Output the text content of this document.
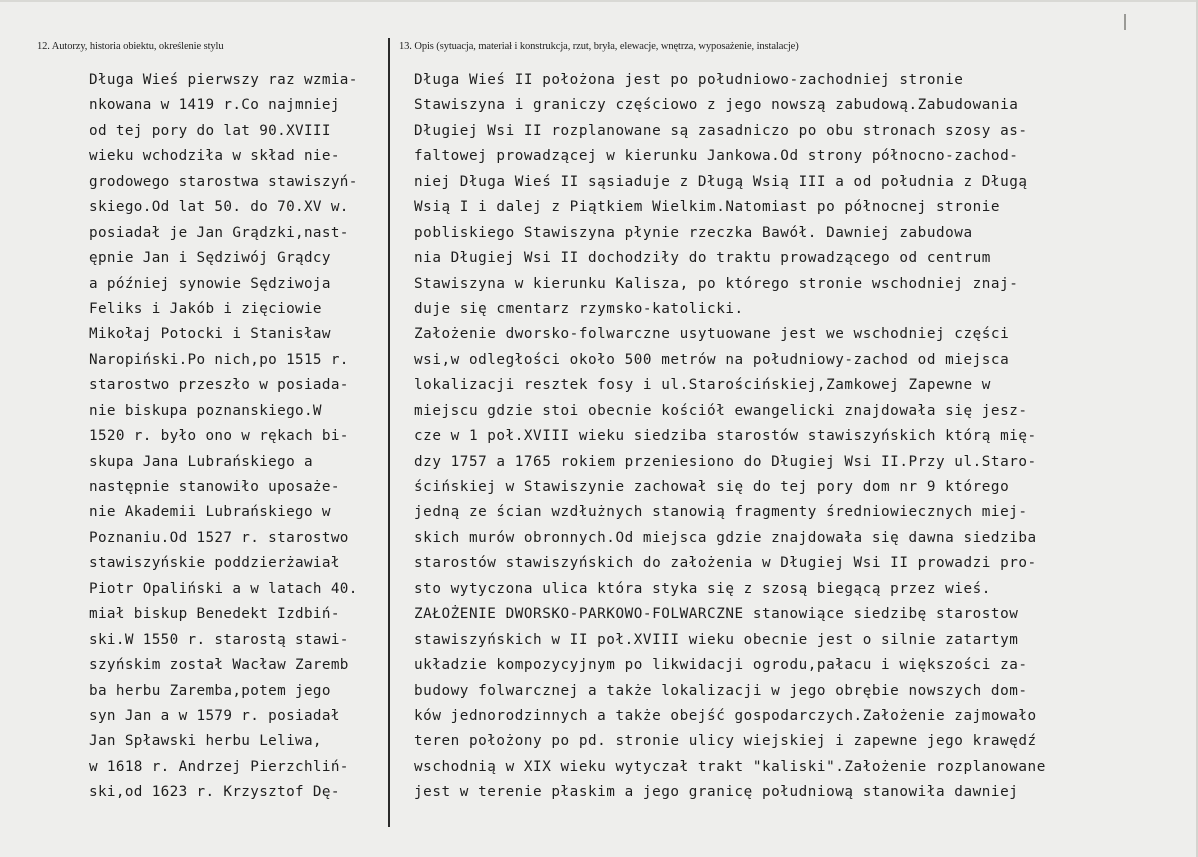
12. Autorzy, historia obiektu, określenie stylu	13. Opis (sytuacja, materiał i konstrukcja, rzut, bryła, elewacje, wnętrza, wyposażenie, instalacje)
Długa Wieś pierwszy raz wzmia-
nkowana w 1419 r.Co najmniej
od tej pory do lat 90.XVIII
wieku wchodziła w skład nie-
grodowego starostwa stawiszyń-
skiego.Od lat 50. do 70.XV w.
posiadał je Jan Grądzki,nast-
ępnie Jan i Sędziwój Grądcy
a później synowie Sędziwoja
Feliks i Jakób i zięciowie
Mikołaj Potocki i Stanisław
Naropiński.Po nich,po 1515 r.
starostwo przeszło w posiada-
nie biskupa poznanskiego.W
1520 r. było ono w rękach bi-
skupa Jana Lubrańskiego a
następnie stanowiło uposaże-
nie Akademii Lubrańskiego w
Poznaniu.Od 1527 r. starostwo
stawiszyńskie poddzierżawiał
Piotr Opaliński a w latach 40.
miał biskup Benedekt Izdbiń-
ski.W 1550 r. starostą stawi-
szyńskim został Wacław Zaremb
ba herbu Zaremba,potem jego
syn Jan a w 1579 r. posiadał
Jan Spławski herbu Leliwa,
w 1618 r. Andrzej Pierzchliń-
ski,od 1623 r. Krzysztof Dę-
Długa Wieś II położona jest po południowo-zachodniej stronie
Stawiszyna i graniczy częściowo z jego nowszą zabudową.Zabudowania
Długiej Wsi II rozplanowane są zasadniczo po obu stronach szosy as-
faltowej prowadzącej w kierunku Jankowa.Od strony północno-zachod-
niej Długa Wieś II sąsiaduje z Długą Wsią III a od południa z Długą
Wsią I i dalej z Piątkiem Wielkim.Natomiast po północnej stronie
pobliskiego Stawiszyna płynie rzeczka Bawół. Dawniej zabudowa
nia Długiej Wsi II dochodziły do traktu prowadzącego od centrum
Stawiszyna w kierunku Kalisza, po którego stronie wschodniej znaj-
duje się cmentarz rzymsko-katolicki.
Założenie dworsko-folwarczne usytuowane jest we wschodniej części
wsi,w odległości około 500 metrów na południowy-zachod od miejsca
lokalizacji resztek fosy i ul.Starościńskiej,Zamkowej Zapewne w
miejscu gdzie stoi obecnie kościół ewangelicki znajdowała się jesz-
cze w 1 poł.XVIII wieku siedziba starostów stawiszyńskich którą mię-
dzy 1757 a 1765 rokiem przeniesiono do Długiej Wsi II.Przy ul.Staro-
ścińskiej w Stawiszynie zachował się do tej pory dom nr 9 którego
jedną ze ścian wzdłużnych stanowią fragmenty średniowiecznych miej-
skich murów obronnych.Od miejsca gdzie znajdowała się dawna siedziba
starostów stawiszyńskich do założenia w Długiej Wsi II prowadzi pro-
sto wytyczona ulica która styka się z szosą biegącą przez wieś.
ZAŁOŻENIE DWORSKO-PARKOWO-FOLWARCZNE stanowiące siedzibę starostow
stawiszyńskich w II poł.XVIII wieku obecnie jest o silnie zatartym
układzie kompozycyjnym po likwidacji ogrodu,pałacu i większości za-
budowy folwarcznej a także lokalizacji w jego obrębie nowszych dom-
ków jednorodzinnych a także obejść gospodarczych.Założenie zajmowało
teren położony po pd. stronie ulicy wiejskiej i zapewne jego krawędź
wschodnią w XIX wieku wytyczał trakt "kaliski".Założenie rozplanowane
jest w terenie płaskim a jego granicę południową stanowiła dawniej
